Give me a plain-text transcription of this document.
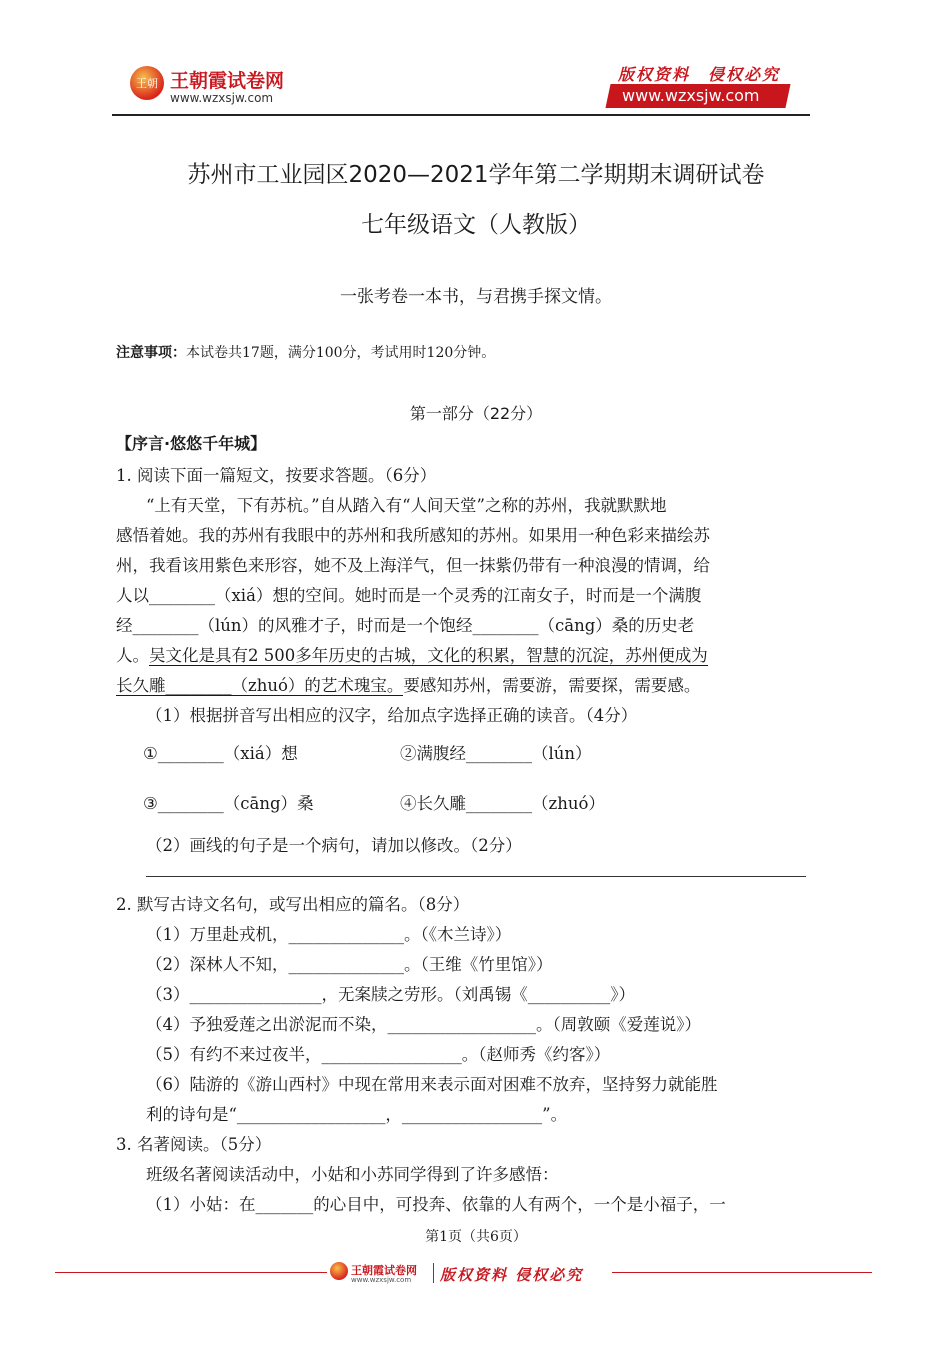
王朝 王朝霞试卷网
www.wzxsjw.com
版权资料　侵权必究
www.wzxsjw.com
苏州市工业园区2020—2021学年第二学期期末调研试卷
七年级语文（人教版）
一张考卷一本书，与君携手探文情。
注意事项：本试卷共17题，满分100分，考试用时120分钟。
第一部分（22分）
【序言·悠悠千年城】
1. 阅读下面一篇短文，按要求答题。（6分）
“上有天堂，下有苏杭。”自从踏入有“人间天堂”之称的苏州，我就默默地
感悟着她。我的苏州有我眼中的苏州和我所感知的苏州。如果用一种色彩来描绘苏
州，我看该用紫色来形容，她不及上海洋气，但一抹紫仍带有一种浪漫的情调，给
人以________（xiá）想的空间。她时而是一个灵秀的江南女子，时而是一个满腹
经________（lún）的风雅才子，时而是一个饱经________（cāng）桑的历史老
人。吴文化是具有2 500多年历史的古城，文化的积累，智慧的沉淀，苏州便成为
长久雕________（zhuó）的艺术瑰宝。要感知苏州，需要游，需要探，需要感。
（1）根据拼音写出相应的汉字，给加点字选择正确的读音。（4分）
①________（xiá）想	②满腹经________（lún）
③________（cāng）桑	④长久雕________（zhuó）
（2）画线的句子是一个病句，请加以修改。（2分）
2. 默写古诗文名句，或写出相应的篇名。（8分）
（1）万里赴戎机，______________。（《木兰诗》）
（2）深林人不知，______________。（王维《竹里馆》）
（3）________________，无案牍之劳形。（刘禹锡《__________》）
（4）予独爱莲之出淤泥而不染，__________________。（周敦颐《爱莲说》）
（5）有约不来过夜半，_________________。（赵师秀《约客》）
（6）陆游的《游山西村》中现在常用来表示面对困难不放弃，坚持努力就能胜
利的诗句是“__________________，_________________”。
3. 名著阅读。（5分）
班级名著阅读活动中，小姑和小苏同学得到了许多感悟：
（1）小姑：在_______的心目中，可投奔、依靠的人有两个，一个是小福子，一
第1页（共6页）
王朝霞试卷网
www.wzxsjw.com 版权资料 侵权必究
